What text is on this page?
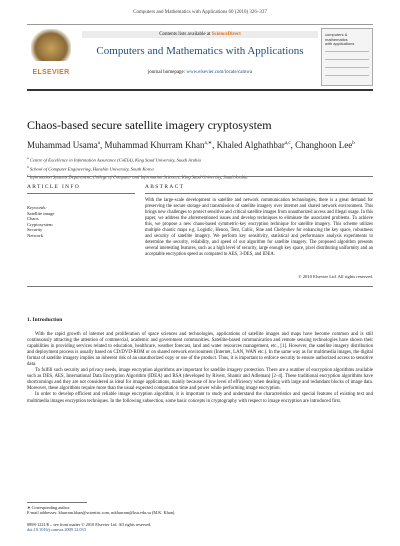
Computers and Mathematics with Applications 60 (2010) 326–337
ELSEVIER
Contents lists available at ScienceDirect
Computers and Mathematics with Applications
journal homepage: www.elsevier.com/locate/camwa
computers &
mathematics
with applications
Chaos-based secure satellite imagery cryptosystem
Muhammad Usama$^a$, Muhammad Khurram Khan$^{a,∗}$, Khaled Alghathbar$^{a,c}$, Changhoon Lee$^b$
$^a$ Centre of Excellence in Information Assurance (CoEIA), King Saud University, Saudi Arabia
$^b$ School of Computer Engineering, Hanshin University, South Korea
$^c$ Information Systems Department, College of Computer and Information Sciences, King Saud University, Saudi Arabia
ARTICLE INFO	ABSTRACT
Keywords:
Satellite image
Chaos
Cryptosystem
Security
Network
With the large-scale development in satellite and network communication technologies, there is a great demand for preserving the secure storage and transmission of satellite imagery over internet and shared network environment. This brings new challenges to protect sensitive and critical satellite images from unauthorized access and illegal usage. In this paper, we address the aforementioned issues and develop techniques to eliminate the associated problems. To achieve this, we propose a new chaos-based symmetric-key encryption technique for satellite imagery. This scheme utilizes multiple chaotic maps e.g. Logistic, Henon, Tent, Cubic, Sine and Chebyshev for enhancing the key space, robustness and security of satellite imagery. We perform key sensitivity, statistical and performance analysis experiments to determine the security, reliability, and speed of our algorithm for satellite imagery. The proposed algorithm presents several interesting features, such as a high level of security, large enough key space, pixel distributing uniformity and an acceptable encryption speed as compared to AES, 3-DES, and IDEA.
© 2010 Elsevier Ltd. All rights reserved.
1. Introduction

With the rapid growth of internet and proliferation of space sciences and technologies, applications of satellite images and maps have become common and is still continuously attracting the attention of commercial, academic and government communities. Satellite-based communication and remote sensing technologies have shown their capabilities in providing services related to education, healthcare, weather forecast, land and water resources management, etc., [1]. However, the satellite imagery distribution and deployment process is usually based on CD/DVD-ROM or on shared network environment (Internet, LAN, WAN etc.). In the same way as for multimedia images, the digital format of satellite imagery implies an inherent risk of an unauthorized copy or use of the product. Thus, it is important to enforce security to ensure authorized access to sensitive data.

To fulfill such security and privacy needs, image encryption algorithms are important for satellite imagery protection. There are a number of encryption algorithms available such as DES, AES, International Data Encryption Algorithm (IDEA) and RSA (developed by Rivest, Shamir and Adleman) [2–4]. These traditional encryption algorithms have shortcomings and they are not considered as ideal for image applications, mainly because of low level of efficiency when dealing with large and redundant blocks of image data. Moreover, these algorithms require more than the usual expected computation time and power while performing image encryption.

In order to develop efficient and reliable image encryption algorithm, it is important to study and understand the characteristics and special features of existing text and multimedia images encryption techniques. In the following subsection, some basic concepts in cryptography with respect to image encryption are introduced first.

∗ Corresponding author.
E-mail addresses: khurram.khan@scientist.com, mkhurram@ksu.edu.sa (M.K. Khan).
0898-1221/$ – see front matter © 2010 Elsevier Ltd. All rights reserved.
doi:10.1016/j.camwa.2009.12.033
